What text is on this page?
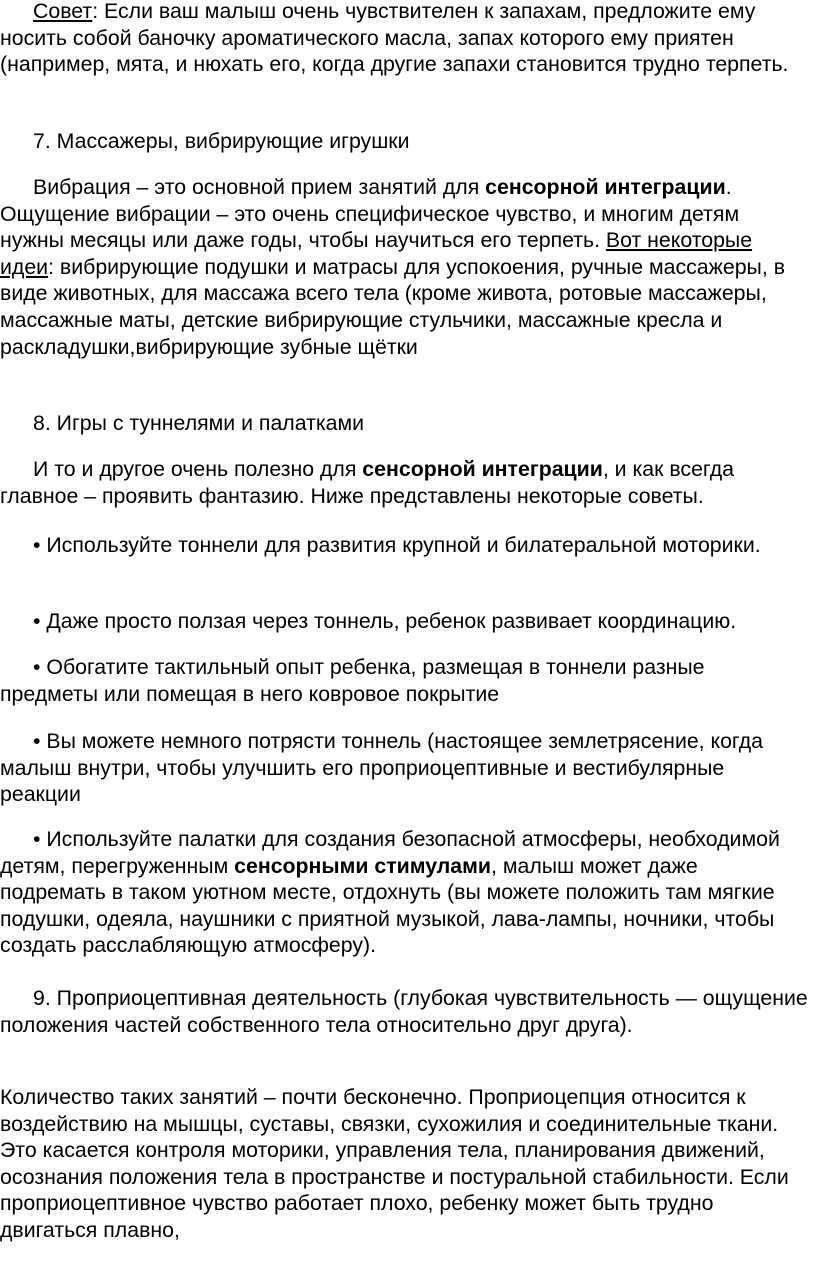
Совет: Если ваш малыш очень чувствителен к запахам, предложите ему носить собой баночку ароматического масла, запах которого ему приятен (например, мята, и нюхать его, когда другие запахи становится трудно терпеть.

7. Массажеры, вибрирующие игрушки

Вибрация – это основной прием занятий для сенсорной интеграции. Ощущение вибрации – это очень специфическое чувство, и многим детям нужны месяцы или даже годы, чтобы научиться его терпеть. Вот некоторые идеи: вибрирующие подушки и матрасы для успокоения, ручные массажеры, в виде животных, для массажа всего тела (кроме живота, ротовые массажеры, массажные маты, детские вибрирующие стульчики, массажные кресла и раскладушки,вибрирующие зубные щётки

8. Игры с туннелями и палатками

И то и другое очень полезно для сенсорной интеграции, и как всегда главное – проявить фантазию. Ниже представлены некоторые советы.

• Используйте тоннели для развития крупной и билатеральной моторики.

• Даже просто ползая через тоннель, ребенок развивает координацию.

• Обогатите тактильный опыт ребенка, размещая в тоннели разные предметы или помещая в него ковровое покрытие

• Вы можете немного потрясти тоннель (настоящее землетрясение, когда малыш внутри, чтобы улучшить его проприоцептивные и вестибулярные реакции

• Используйте палатки для создания безопасной атмосферы, необходимой детям, перегруженным сенсорными стимулами, малыш может даже подремать в таком уютном месте, отдохнуть (вы можете положить там мягкие подушки, одеяла, наушники с приятной музыкой, лава-лампы, ночники, чтобы создать расслабляющую атмосферу).

9. Проприоцептивная деятельность (глубокая чувствительность — ощущение положения частей собственного тела относительно друг друга).

Количество таких занятий – почти бесконечно. Проприоцепция относится к воздействию на мышцы, суставы, связки, сухожилия и соединительные ткани. Это касается контроля моторики, управления тела, планирования движений, осознания положения тела в пространстве и постуральной стабильности. Если проприоцептивное чувство работает плохо, ребенку может быть трудно двигаться плавно,
